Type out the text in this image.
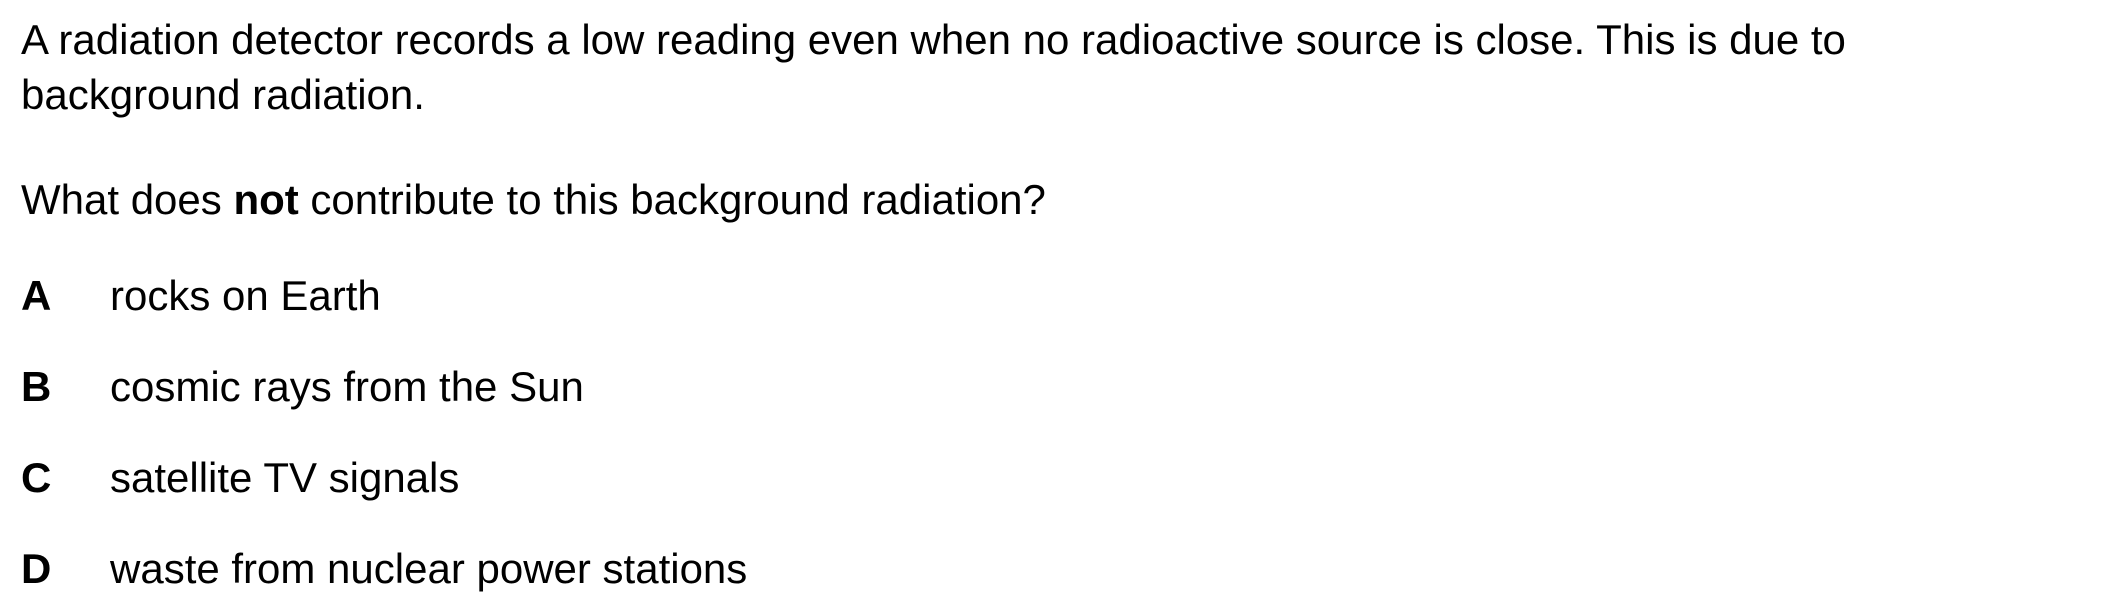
A radiation detector records a low reading even when no radioactive source is close. This is due to background radiation.

What does not contribute to this background radiation?

A rocks on Earth
B cosmic rays from the Sun
C satellite TV signals
D waste from nuclear power stations
